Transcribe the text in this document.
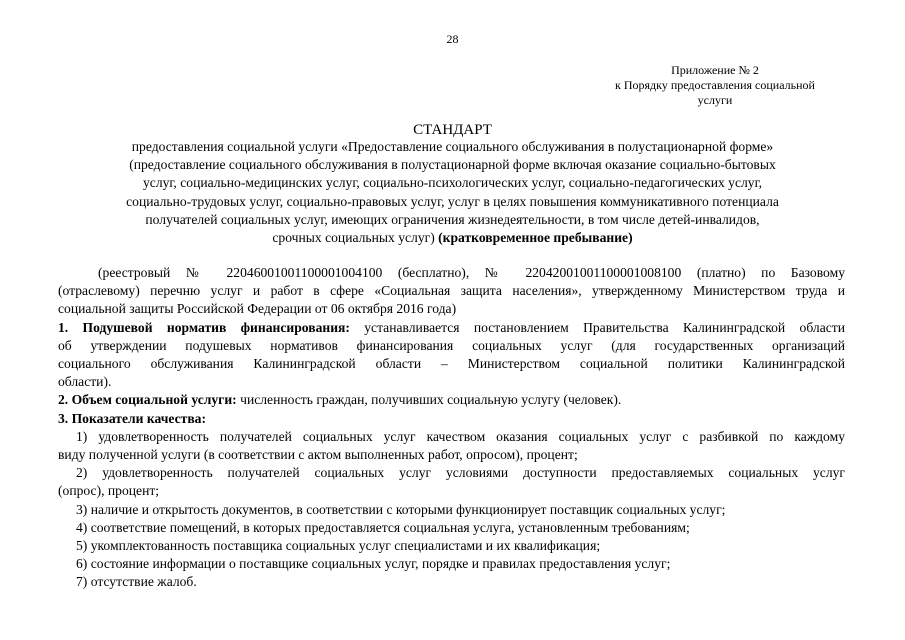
28
Приложение № 2
к Порядку предоставления социальной
услуги
СТАНДАРТ
предоставления социальной услуги «Предоставление социального обслуживания в полустационарной форме»
(предоставление социального обслуживания в полустационарной форме включая оказание социально-бытовых
услуг, социально-медицинских услуг, социально-психологических услуг, социально-педагогических услуг,
социально-трудовых услуг, социально-правовых услуг, услуг в целях повышения коммуникативного потенциала
получателей социальных услуг, имеющих ограничения жизнедеятельности, в том числе детей-инвалидов,
срочных социальных услуг) (кратковременное пребывание)
(реестровый № 22046001001100001004100 (бесплатно), № 22042001001100001008100 (платно) по Базовому
(отраслевому) перечню услуг и работ в сфере «Социальная защита населения», утвержденному Министерством труда и
социальной защиты Российской Федерации от 06 октября 2016 года)
1. Подушевой норматив финансирования: устанавливается постановлением Правительства Калининградской области
об утверждении подушевых нормативов финансирования социальных услуг (для государственных организаций
социального обслуживания Калининградской области – Министерством социальной политики Калининградской
области).
2. Объем социальной услуги: численность граждан, получивших социальную услугу (человек).
3. Показатели качества:
1) удовлетворенность получателей социальных услуг качеством оказания социальных услуг с разбивкой по каждому
виду полученной услуги (в соответствии с актом выполненных работ, опросом), процент;
2) удовлетворенность получателей социальных услуг условиями доступности предоставляемых социальных услуг
(опрос), процент;
3) наличие и открытость документов, в соответствии с которыми функционирует поставщик социальных услуг;
4) соответствие помещений, в которых предоставляется социальная услуга, установленным требованиям;
5) укомплектованность поставщика социальных услуг специалистами и их квалификация;
6) состояние информации о поставщике социальных услуг, порядке и правилах предоставления услуг;
7) отсутствие жалоб.
